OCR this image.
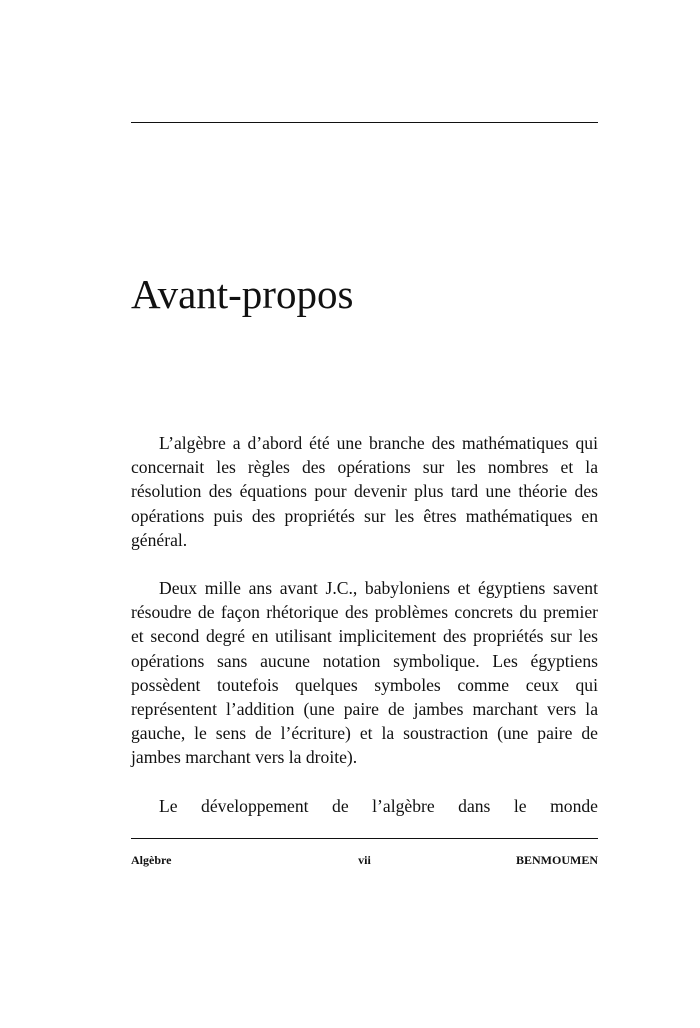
Avant-propos

L’algèbre a d’abord été une branche des mathématiques qui concernait les règles des opérations sur les nombres et la résolution des équations pour devenir plus tard une théorie des opérations puis des propriétés sur les êtres mathématiques en général.

Deux mille ans avant J.C., babyloniens et égyptiens savent résoudre de façon rhétorique des problèmes concrets du premier et second degré en utilisant implicitement des propriétés sur les opérations sans aucune notation symbolique. Les égyptiens possèdent toutefois quelques symboles comme ceux qui représentent l’addition (une paire de jambes marchant vers la gauche, le sens de l’écriture) et la soustraction (une paire de jambes marchant vers la droite).

Le développement de l’algèbre dans le monde

Algèbre	vii	BENMOUMEN
